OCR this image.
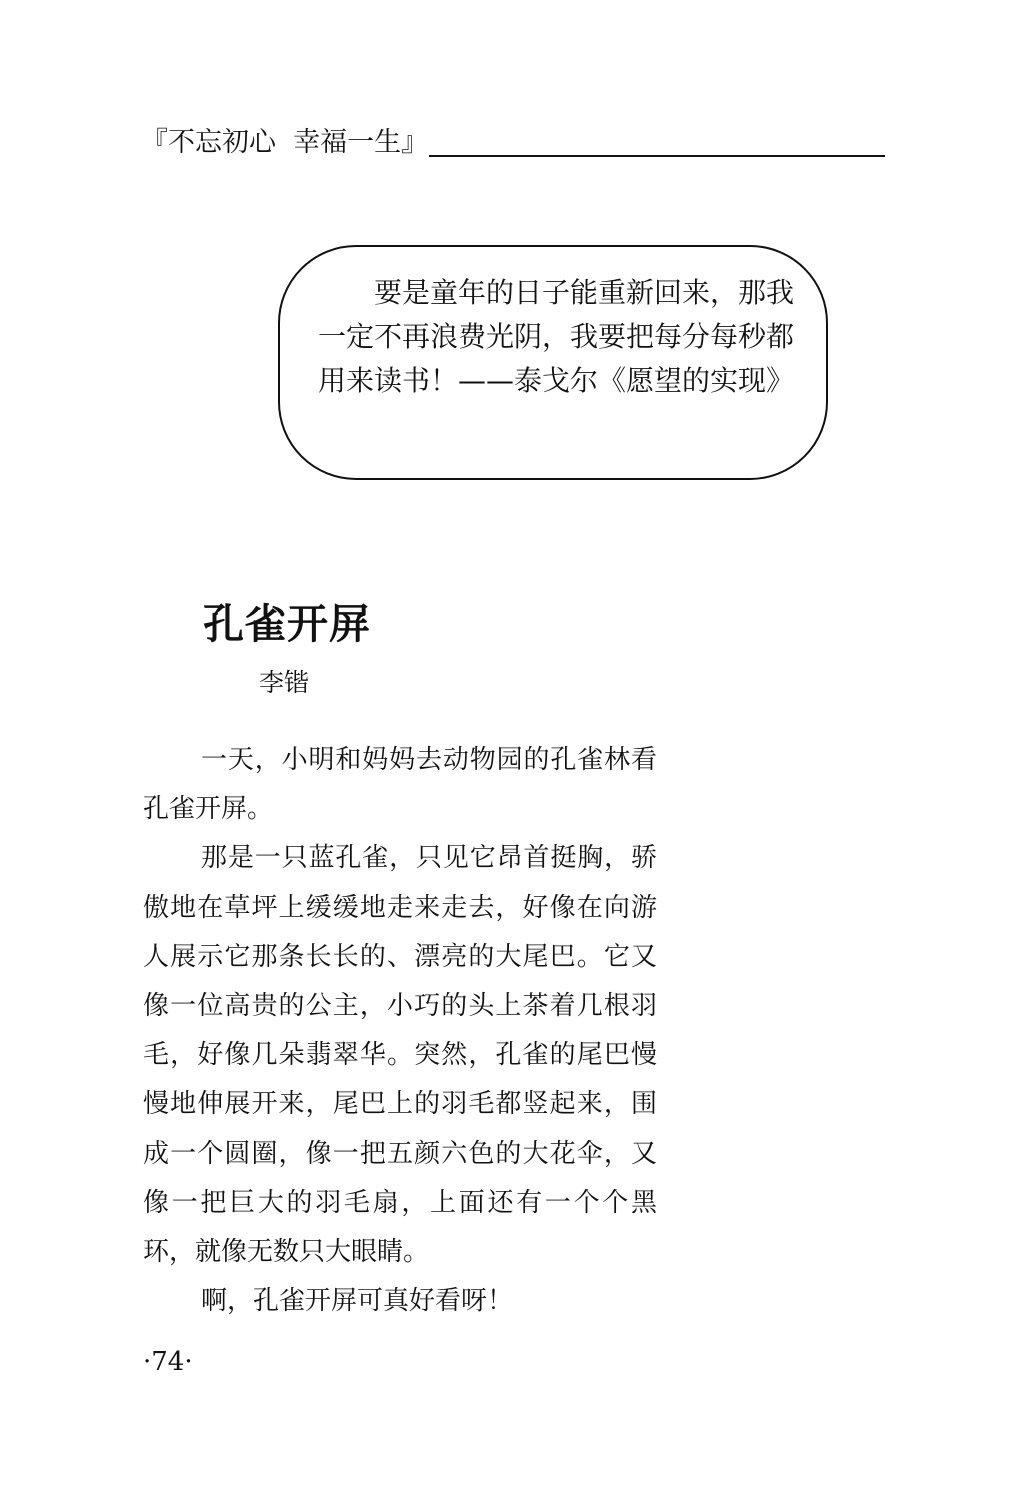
『不忘初心  幸福一生』

要是童年的日子能重新回来，那我一定不再浪费光阴，我要把每分每秒都用来读书！——泰戈尔《愿望的实现》

孔雀开屏

李锴

一天，小明和妈妈去动物园的孔雀林看孔雀开屏。

那是一只蓝孔雀，只见它昂首挺胸，骄傲地在草坪上缓缓地走来走去，好像在向游人展示它那条长长的、漂亮的大尾巴。它又像一位高贵的公主，小巧的头上茶着几根羽毛，好像几朵翡翠华。突然，孔雀的尾巴慢慢地伸展开来，尾巴上的羽毛都竖起来，围成一个圆圈，像一把五颜六色的大花伞，又像一把巨大的羽毛扇，上面还有一个个黑环，就像无数只大眼睛。

啊，孔雀开屏可真好看呀！

·74·
